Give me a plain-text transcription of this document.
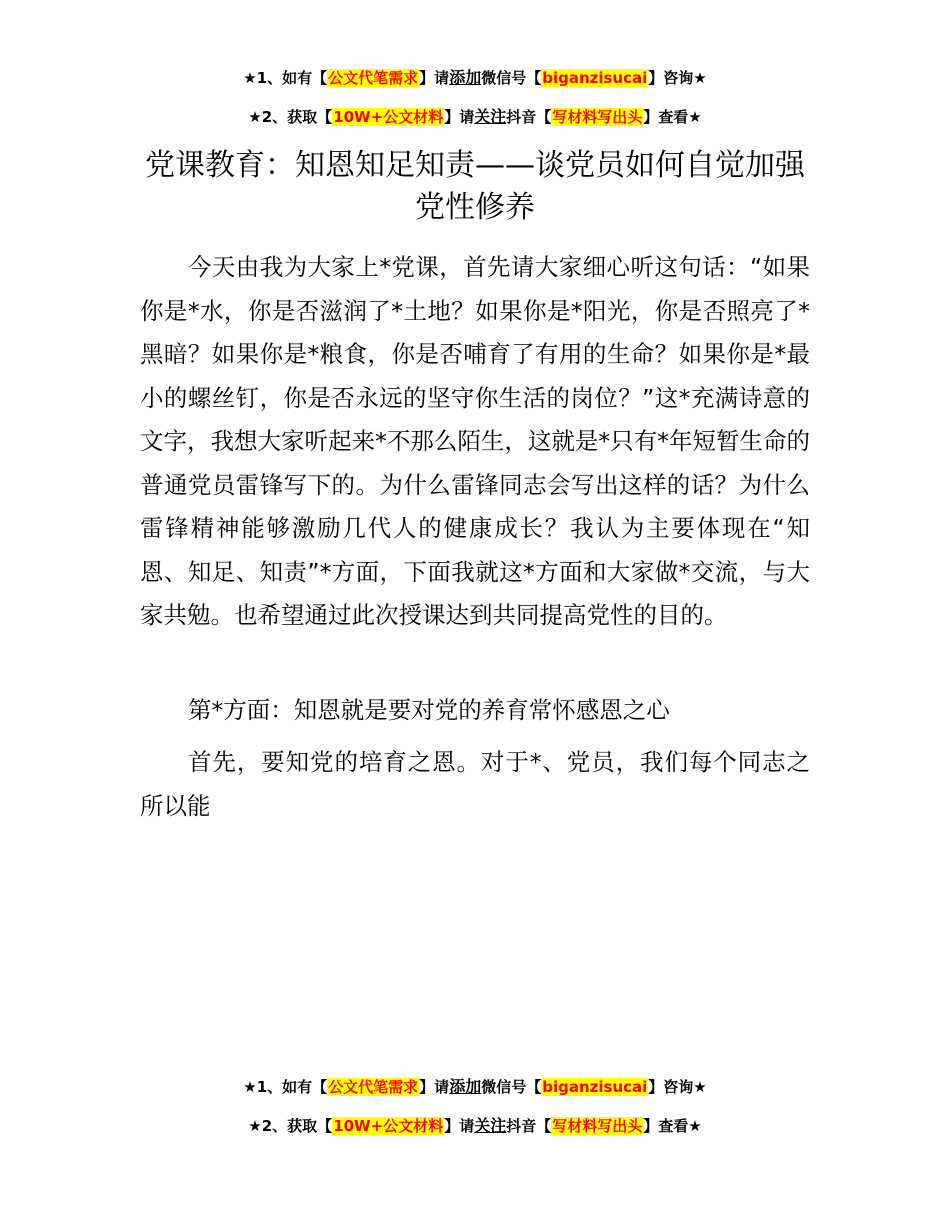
★1、如有【公文代笔需求】请添加微信号【biganzisucai】咨询★
★2、获取【10W+公文材料】请关注抖音【写材料写出头】查看★
党课教育：知恩知足知责——谈党员如何自觉加强党性修养

今天由我为大家上*党课，首先请大家细心听这句话：“如果你是*水，你是否滋润了*土地？如果你是*阳光，你是否照亮了*黑暗？如果你是*粮食，你是否哺育了有用的生命？如果你是*最小的螺丝钉，你是否永远的坚守你生活的岗位？”这*充满诗意的文字，我想大家听起来*不那么陌生，这就是*只有*年短暂生命的普通党员雷锋写下的。为什么雷锋同志会写出这样的话？为什么雷锋精神能够激励几代人的健康成长？我认为主要体现在“知恩、知足、知责”*方面，下面我就这*方面和大家做*交流，与大家共勉。也希望通过此次授课达到共同提高党性的目的。

第*方面：知恩就是要对党的养育常怀感恩之心

首先，要知党的培育之恩。对于*、党员，我们每个同志之所以能

★1、如有【公文代笔需求】请添加微信号【biganzisucai】咨询★
★2、获取【10W+公文材料】请关注抖音【写材料写出头】查看★
